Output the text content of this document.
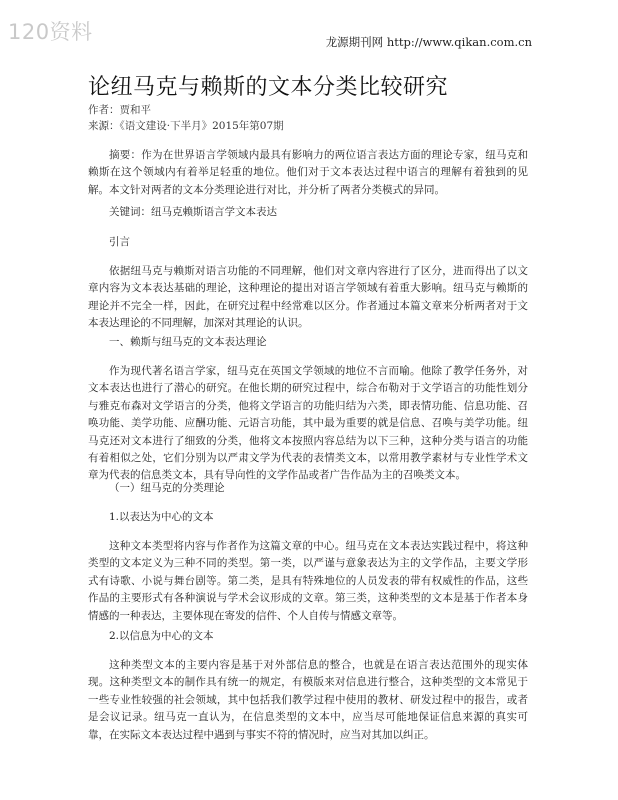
120资料	龙源期刊网 http://www.qikan.com.cn
论纽马克与赖斯的文本分类比较研究
作者：贾和平
来源：《语文建设·下半月》2015年第07期

摘要：作为在世界语言学领域内最具有影响力的两位语言表达方面的理论专家，纽马克和赖斯在这个领域内有着举足轻重的地位。他们对于文本表达过程中语言的理解有着独到的见解。本文针对两者的文本分类理论进行对比，并分析了两者分类模式的异同。

关键词：纽马克赖斯语言学文本表达

引言

依据纽马克与赖斯对语言功能的不同理解，他们对文章内容进行了区分，进而得出了以文章内容为文本表达基础的理论，这种理论的提出对语言学领域有着重大影响。纽马克与赖斯的理论并不完全一样，因此，在研究过程中经常难以区分。作者通过本篇文章来分析两者对于文本表达理论的不同理解，加深对其理论的认识。

一、赖斯与纽马克的文本表达理论

作为现代著名语言学家，纽马克在英国文学领域的地位不言而喻。他除了教学任务外，对文本表达也进行了潜心的研究。在他长期的研究过程中，综合布勒对于文学语言的功能性划分与雅克布森对文学语言的分类，他将文学语言的功能归结为六类，即表情功能、信息功能、召唤功能、美学功能、应酬功能、元语言功能，其中最为重要的就是信息、召唤与美学功能。纽马克还对文本进行了细致的分类，他将文本按照内容总结为以下三种，这种分类与语言的功能有着相似之处，它们分别为以严肃文学为代表的表情类文本，以常用教学素材与专业性学术文章为代表的信息类文本，具有导向性的文学作品或者广告作品为主的召唤类文本。

（一）纽马克的分类理论

1.以表达为中心的文本

这种文本类型将内容与作者作为这篇文章的中心。纽马克在文本表达实践过程中，将这种类型的文本定义为三种不同的类型。第一类，以严谨与意象表达为主的文学作品，主要文学形式有诗歌、小说与舞台剧等。第二类，是具有特殊地位的人员发表的带有权威性的作品，这些作品的主要形式有各种演说与学术会议形成的文章。第三类，这种类型的文本是基于作者本身情感的一种表达，主要体现在寄发的信件、个人自传与情感文章等。

2.以信息为中心的文本

这种类型文本的主要内容是基于对外部信息的整合，也就是在语言表达范围外的现实体现。这种类型文本的制作具有统一的规定，有模版来对信息进行整合，这种类型的文本常见于一些专业性较强的社会领域，其中包括我们教学过程中使用的教材、研发过程中的报告，或者是会议记录。纽马克一直认为，在信息类型的文本中，应当尽可能地保证信息来源的真实可靠，在实际文本表达过程中遇到与事实不符的情况时，应当对其加以纠正。
